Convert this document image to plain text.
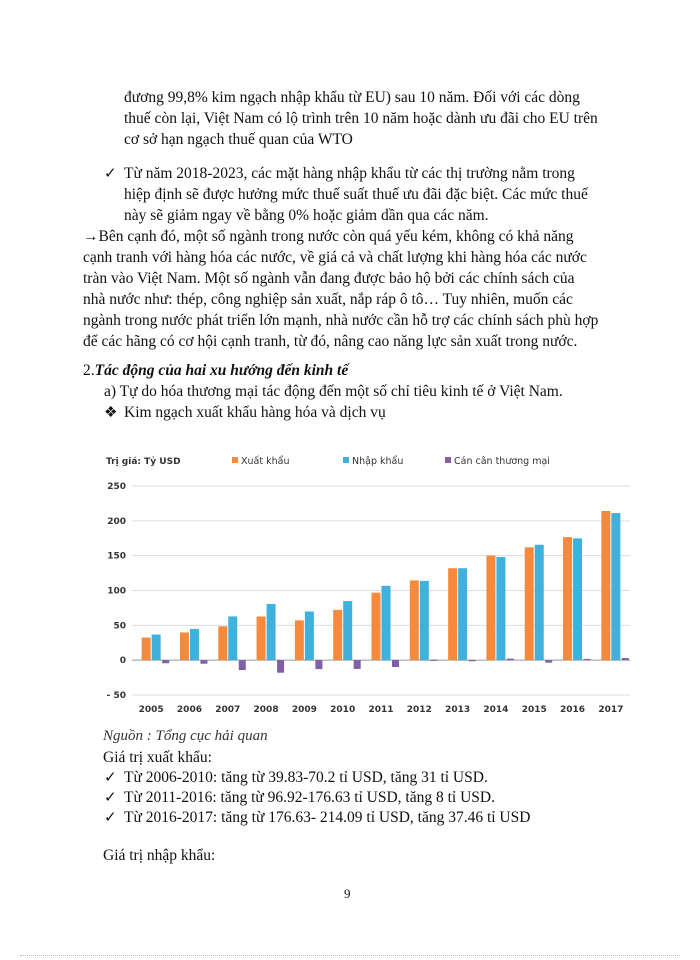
đương 99,8% kim ngạch nhập khẩu từ EU) sau 10 năm. Đối với các dòng
thuế còn lại, Việt Nam có lộ trình trên 10 năm hoặc dành ưu đãi cho EU trên
cơ sở hạn ngạch thuế quan của WTO
✓ Từ năm 2018-2023, các mặt hàng nhập khẩu từ các thị trường nằm trong
hiệp định sẽ được hưởng mức thuế suất thuế ưu đãi đặc biệt. Các mức thuế
này sẽ giảm ngay về bằng 0% hoặc giảm dần qua các năm.
→Bên cạnh đó, một số ngành trong nước còn quá yếu kém, không có khả năng
cạnh tranh với hàng hóa các nước, về giá cả và chất lượng khi hàng hóa các nước
tràn vào Việt Nam. Một số ngành vẫn đang được bảo hộ bởi các chính sách của
nhà nước như: thép, công nghiệp sản xuất, nắp ráp ô tô… Tuy nhiên, muốn các
ngành trong nước phát triển lớn mạnh, nhà nước cần hỗ trợ các chính sách phù hợp
để các hãng có cơ hội cạnh tranh, từ đó, nâng cao năng lực sản xuất trong nước.
2.Tác động của hai xu hướng đến kinh tế
a) Tự do hóa thương mại tác động đến một số chỉ tiêu kinh tế ở Việt Nam.
❖ Kim ngạch xuất khẩu hàng hóa và dịch vụ
- 50
0
50
100
150
200
250
2005 2006 2007 2008 2009 2010 2011 2012 2013 2014 2015 2016 2017
Trị giá: Tỷ USD	Xuất khẩu	Nhập khẩu	Cán cân thương mại
Nguồn : Tổng cục hải quan
Giá trị xuất khẩu:
✓ Từ 2006-2010: tăng từ 39.83-70.2 tỉ USD, tăng 31 tỉ USD.
✓ Từ 2011-2016: tăng từ 96.92-176.63 tỉ USD, tăng 8 tỉ USD.
✓ Từ 2016-2017: tăng từ 176.63- 214.09 tỉ USD, tăng 37.46 tỉ USD
Giá trị nhập khẩu:
9
